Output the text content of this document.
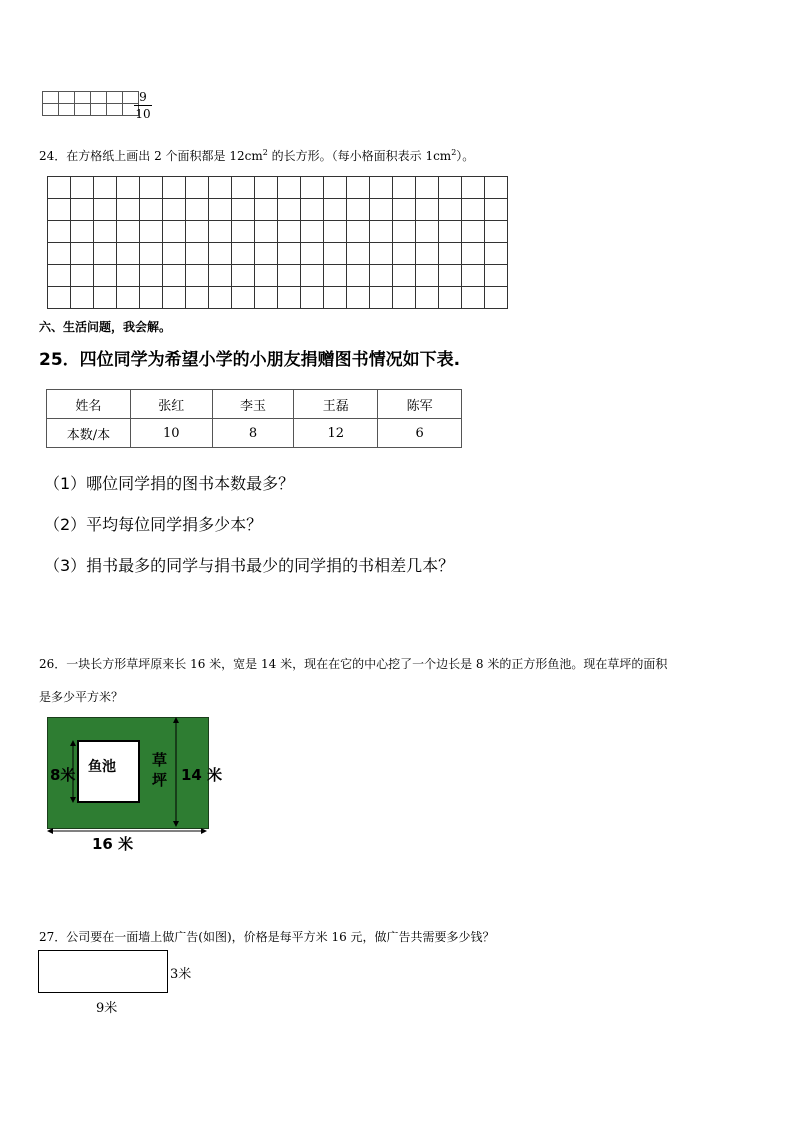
9
10
24．在方格纸上画出 2 个面积都是 $12cm^2$ 的长方形。（每小格面积表示 $1cm^2$）。

六、生活问题，我会解。
25．四位同学为希望小学的小朋友捐赠图书情况如下表.
姓名	张红	李玉	王磊	陈军
本数/本	10	8	12	6
（1）哪位同学捐的图书本数最多？
（2）平均每位同学捐多少本？
（3）捐书最多的同学与捐书最少的同学捐的书相差几本？
26．一块长方形草坪原来长 16 米，宽是 14 米，现在在它的中心挖了一个边长是 8 米的正方形鱼池。现在草坪的面积
是多少平方米？
鱼池 草
坪
8米	14 米
16 米
27．公司要在一面墙上做广告(如图)，价格是每平方米 16 元，做广告共需要多少钱？
3米
9米
